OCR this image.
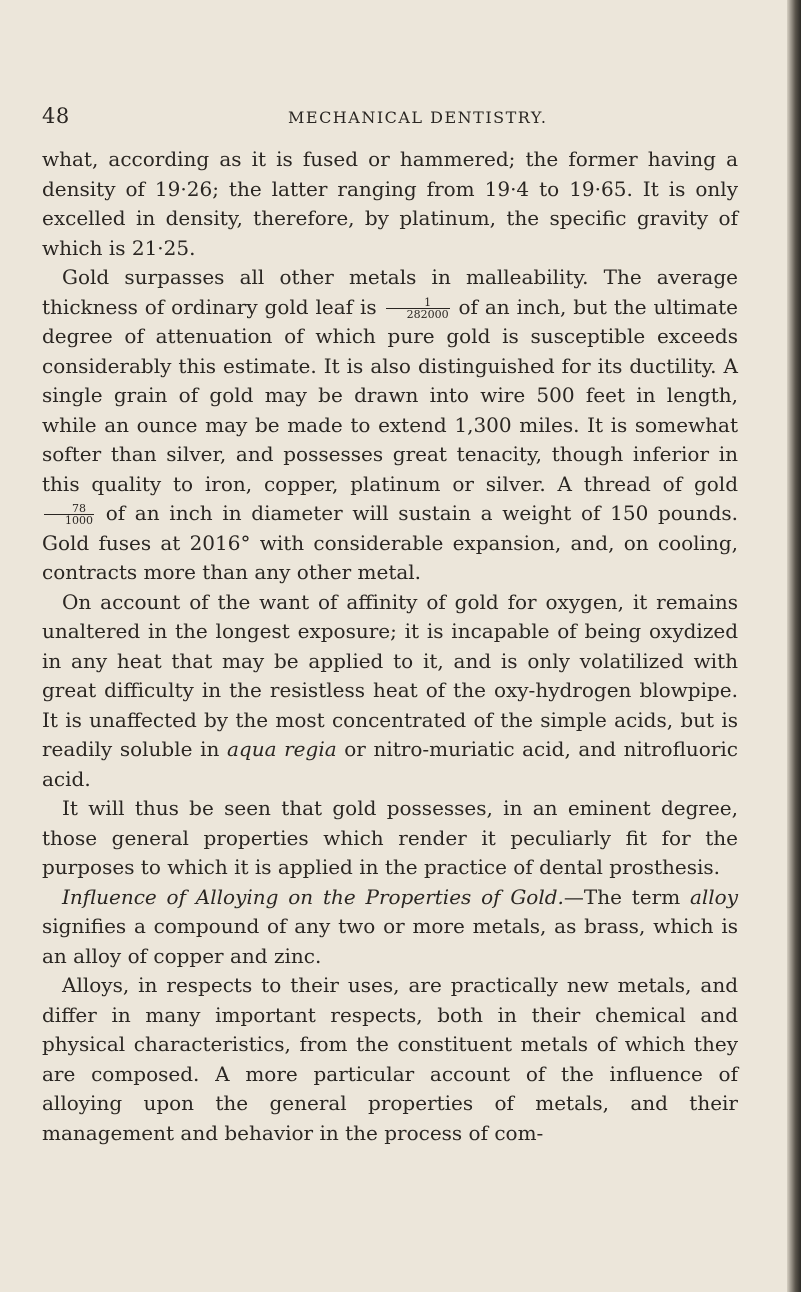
48	MECHANICAL DENTISTRY.

what, according as it is fused or hammered; the former having a density of 19·26; the latter ranging from 19·4 to 19·65. It is only excelled in density, therefore, by platinum, the specific gravity of which is 21·25.

Gold surpasses all other metals in malleability. The average thickness of ordinary gold leaf is $\frac{1}{282000}$ of an inch, but the ultimate degree of attenuation of which pure gold is susceptible exceeds considerably this estimate. It is also distinguished for its ductility. A single grain of gold may be drawn into wire 500 feet in length, while an ounce may be made to extend 1,300 miles. It is somewhat softer than silver, and possesses great tenacity, though inferior in this quality to iron, copper, platinum or silver. A thread of gold
$\frac{78}{1000}$ of an inch in diameter will sustain a weight of 150 pounds. Gold fuses at 2016° with considerable expansion, and, on cooling, contracts more than any other metal.

On account of the want of affinity of gold for oxygen, it remains unaltered in the longest exposure; it is incapable of being oxydized in any heat that may be applied to it, and is only volatilized with great difficulty in the resistless heat of the oxy-hydrogen blowpipe. It is unaffected by the most concentrated of the simple acids, but is readily soluble in aqua regia or nitro-muriatic acid, and nitrofluoric acid.

It will thus be seen that gold possesses, in an eminent degree, those general properties which render it peculiarly fit for the purposes to which it is applied in the practice of dental prosthesis.

Influence of Alloying on the Properties of Gold.—The term alloy signifies a compound of any two or more metals, as brass, which is an alloy of copper and zinc.

Alloys, in respects to their uses, are practically new metals, and differ in many important respects, both in their chemical and physical characteristics, from the constituent metals of which they are composed. A more particular account of the influence of alloying upon the general properties of metals, and their management and behavior in the process of com-
